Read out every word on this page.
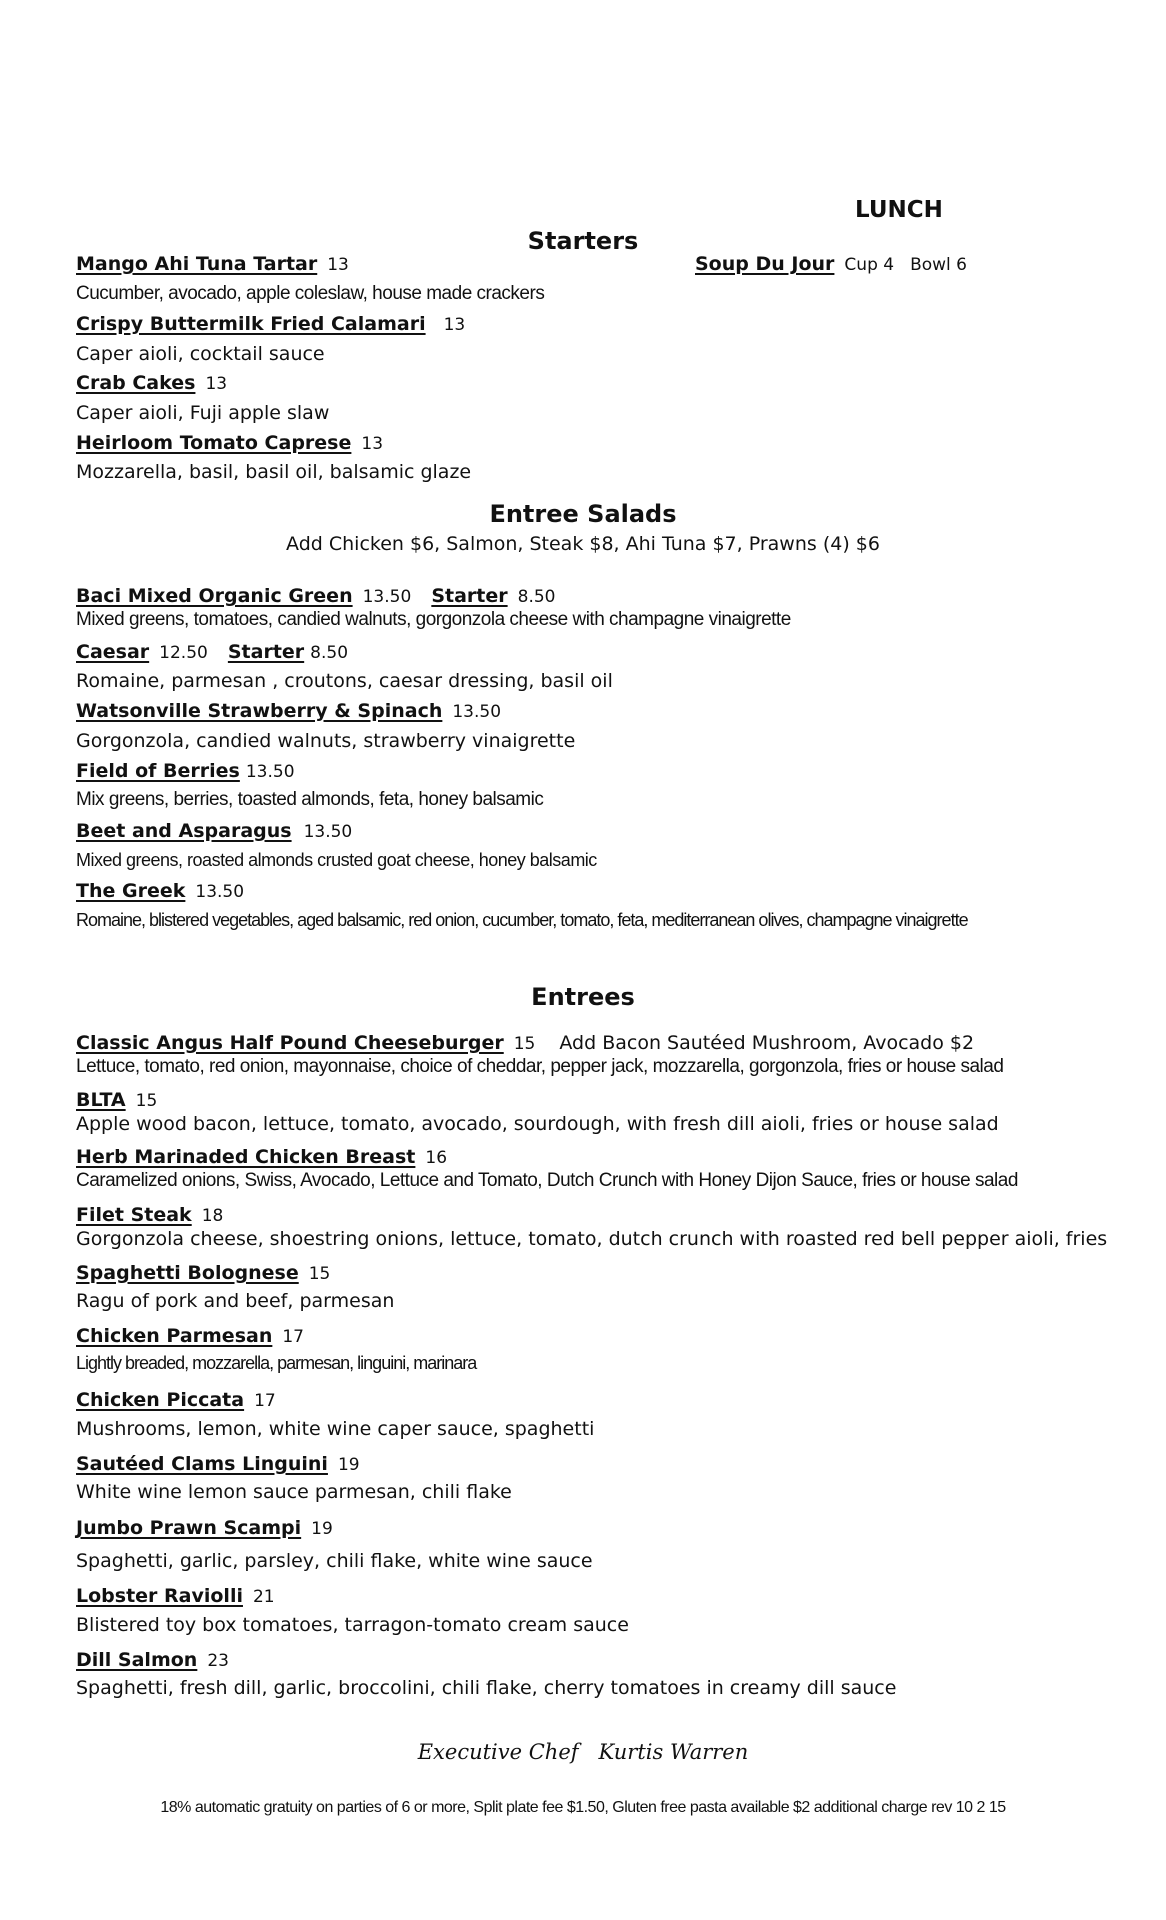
LUNCH
Starters
Mango Ahi Tuna Tartar 13
Cucumber, avocado, apple coleslaw, house made crackers
Soup Du Jour Cup 4 Bowl 6
Crispy Buttermilk Fried Calamari 13
Caper aioli, cocktail sauce
Crab Cakes 13
Caper aioli, Fuji apple slaw
Heirloom Tomato Caprese 13
Mozzarella, basil, basil oil, balsamic glaze
Entree Salads
Add Chicken $6, Salmon, Steak $8, Ahi Tuna $7, Prawns (4) $6
Baci Mixed Organic Green 13.50 Starter 8.50
Mixed greens, tomatoes, candied walnuts, gorgonzola cheese with champagne vinaigrette
Caesar 12.50 Starter 8.50
Romaine, parmesan , croutons, caesar dressing, basil oil
Watsonville Strawberry & Spinach 13.50
Gorgonzola, candied walnuts, strawberry vinaigrette
Field of Berries 13.50
Mix greens, berries, toasted almonds, feta, honey balsamic
Beet and Asparagus 13.50
Mixed greens, roasted almonds crusted goat cheese, honey balsamic
The Greek 13.50
Romaine, blistered vegetables, aged balsamic, red onion, cucumber, tomato, feta, mediterranean olives, champagne vinaigrette
Entrees
Classic Angus Half Pound Cheeseburger 15 Add Bacon Sautéed Mushroom, Avocado $2
Lettuce, tomato, red onion, mayonnaise, choice of cheddar, pepper jack, mozzarella, gorgonzola, fries or house salad
BLTA 15
Apple wood bacon, lettuce, tomato, avocado, sourdough, with fresh dill aioli, fries or house salad
Herb Marinaded Chicken Breast 16
Caramelized onions, Swiss, Avocado, Lettuce and Tomato, Dutch Crunch with Honey Dijon Sauce, fries or house salad
Filet Steak 18
Gorgonzola cheese, shoestring onions, lettuce, tomato, dutch crunch with roasted red bell pepper aioli, fries
Spaghetti Bolognese 15
Ragu of pork and beef, parmesan
Chicken Parmesan 17
Lightly breaded, mozzarella, parmesan, linguini, marinara
Chicken Piccata 17
Mushrooms, lemon, white wine caper sauce, spaghetti
Sautéed Clams Linguini 19
White wine lemon sauce parmesan, chili flake
Jumbo Prawn Scampi 19
Spaghetti, garlic, parsley, chili flake, white wine sauce
Lobster Raviolli 21
Blistered toy box tomatoes, tarragon-tomato cream sauce
Dill Salmon 23
Spaghetti, fresh dill, garlic, broccolini, chili flake, cherry tomatoes in creamy dill sauce
Executive Chef   Kurtis Warren
18% automatic gratuity on parties of 6 or more, Split plate fee $1.50, Gluten free pasta available $2 additional charge rev 10 2 15
